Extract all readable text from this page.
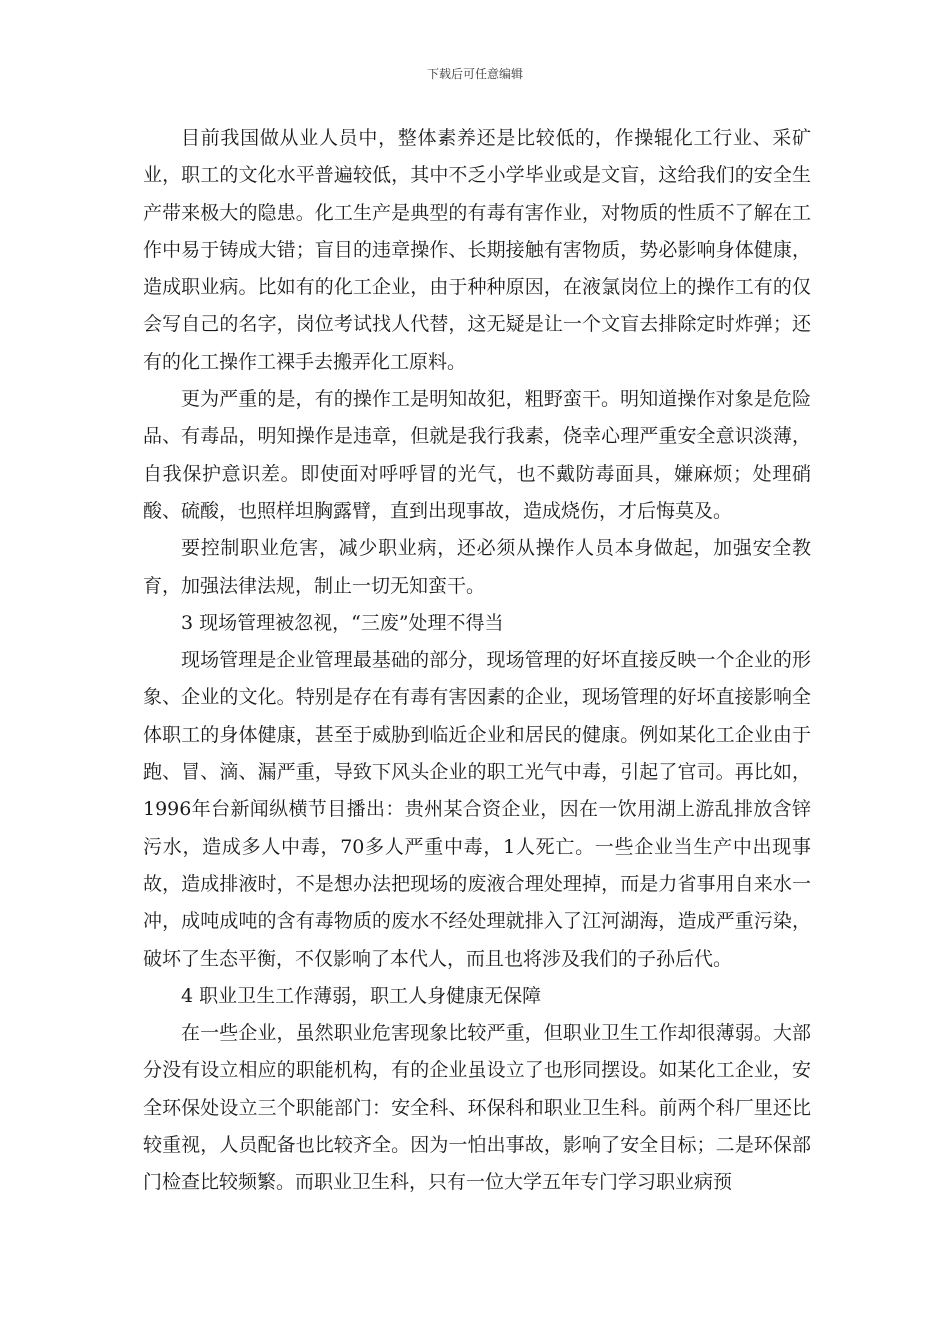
下载后可任意编辑

目前我国做从业人员中，整体素养还是比较低的，作操辊化工行业、采矿业，职工的文化水平普遍较低，其中不乏小学毕业或是文盲，这给我们的安全生产带来极大的隐患。化工生产是典型的有毒有害作业，对物质的性质不了解在工作中易于铸成大错；盲目的违章操作、长期接触有害物质，势必影响身体健康，造成职业病。比如有的化工企业，由于种种原因，在液氯岗位上的操作工有的仅会写自己的名字，岗位考试找人代替，这无疑是让一个文盲去排除定时炸弹；还有的化工操作工裸手去搬弄化工原料。

更为严重的是，有的操作工是明知故犯，粗野蛮干。明知道操作对象是危险品、有毒品，明知操作是违章，但就是我行我素，侥幸心理严重安全意识淡薄，自我保护意识差。即使面对呼呼冒的光气，也不戴防毒面具，嫌麻烦；处理硝酸、硫酸，也照样坦胸露臂，直到出现事故，造成烧伤，才后悔莫及。

要控制职业危害，减少职业病，还必须从操作人员本身做起，加强安全教育，加强法律法规，制止一切无知蛮干。

3 现场管理被忽视，“三废”处理不得当

现场管理是企业管理最基础的部分，现场管理的好坏直接反映一个企业的形象、企业的文化。特别是存在有毒有害因素的企业，现场管理的好坏直接影响全体职工的身体健康，甚至于威胁到临近企业和居民的健康。例如某化工企业由于跑、冒、滴、漏严重，导致下风头企业的职工光气中毒，引起了官司。再比如，1996年台新闻纵横节目播出：贵州某合资企业，因在一饮用湖上游乱排放含锌污水，造成多人中毒，70多人严重中毒，1人死亡。一些企业当生产中出现事故，造成排液时，不是想办法把现场的废液合理处理掉，而是力省事用自来水一冲，成吨成吨的含有毒物质的废水不经处理就排入了江河湖海，造成严重污染，破坏了生态平衡，不仅影响了本代人，而且也将涉及我们的子孙后代。

4 职业卫生工作薄弱，职工人身健康无保障

在一些企业，虽然职业危害现象比较严重，但职业卫生工作却很薄弱。大部分没有设立相应的职能机构，有的企业虽设立了也形同摆设。如某化工企业，安全环保处设立三个职能部门：安全科、环保科和职业卫生科。前两个科厂里还比较重视，人员配备也比较齐全。因为一怕出事故，影响了安全目标；二是环保部门检查比较频繁。而职业卫生科，只有一位大学五年专门学习职业病预
